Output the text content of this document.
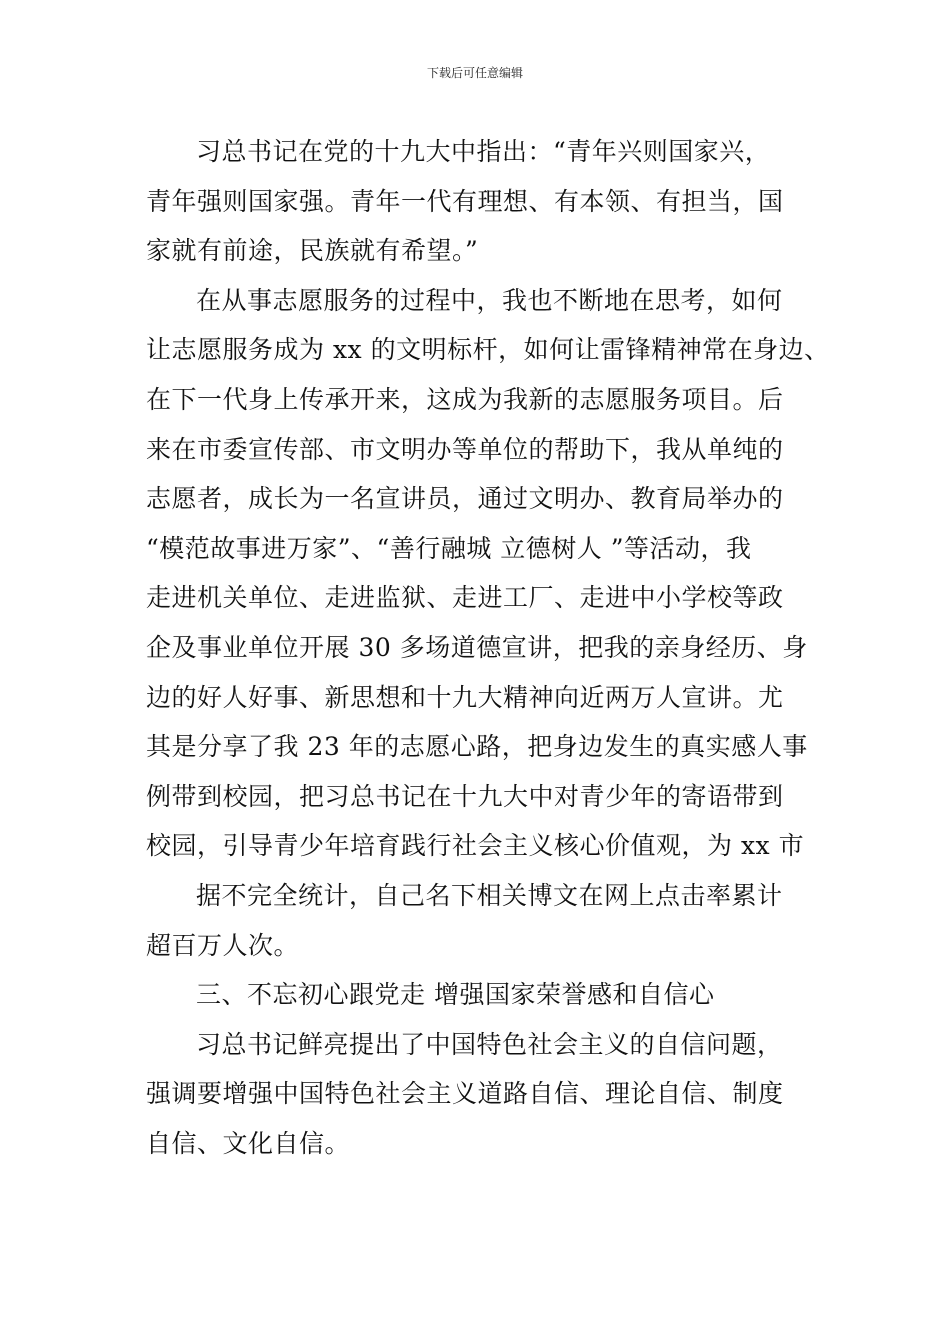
下载后可任意编辑

习总书记在党的十九大中指出：“青年兴则国家兴，
青年强则国家强。青年一代有理想、有本领、有担当，国
家就有前途，民族就有希望。”

在从事志愿服务的过程中，我也不断地在思考，如何
让志愿服务成为 xx 的文明标杆，如何让雷锋精神常在身边、
在下一代身上传承开来，这成为我新的志愿服务项目。后
来在市委宣传部、市文明办等单位的帮助下，我从单纯的
志愿者，成长为一名宣讲员，通过文明办、教育局举办的
“模范故事进万家”、“善行融城 立德树人 ”等活动，我
走进机关单位、走进监狱、走进工厂、走进中小学校等政
企及事业单位开展 30 多场道德宣讲，把我的亲身经历、身
边的好人好事、新思想和十九大精神向近两万人宣讲。尤
其是分享了我 23 年的志愿心路，把身边发生的真实感人事
例带到校园，把习总书记在十九大中对青少年的寄语带到
校园，引导青少年培育践行社会主义核心价值观，为 xx 市

据不完全统计，自己名下相关博文在网上点击率累计
超百万人次。

三、不忘初心跟党走 增强国家荣誉感和自信心

习总书记鲜亮提出了中国特色社会主义的自信问题，
强调要增强中国特色社会主义道路自信、理论自信、制度
自信、文化自信。
